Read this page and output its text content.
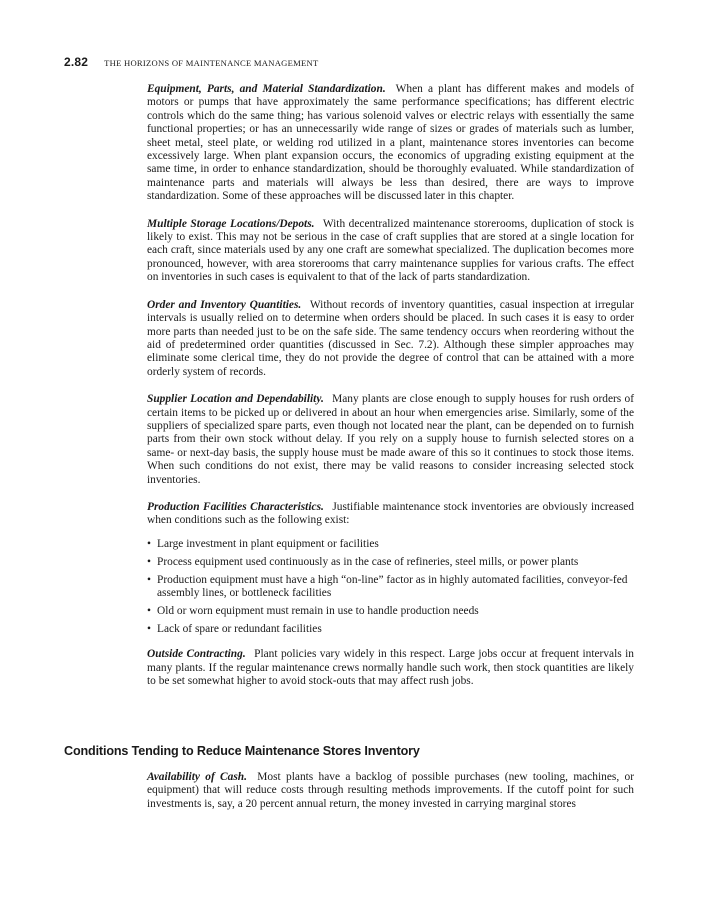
2.82 THE HORIZONS OF MAINTENANCE MANAGEMENT

Equipment, Parts, and Material Standardization. When a plant has different makes and models of motors or pumps that have approximately the same performance specifications; has different electric controls which do the same thing; has various solenoid valves or electric relays with essentially the same functional properties; or has an unnecessarily wide range of sizes or grades of materials such as lumber, sheet metal, steel plate, or welding rod utilized in a plant, maintenance stores inventories can become excessively large. When plant expansion occurs, the economics of upgrading existing equipment at the same time, in order to enhance standardization, should be thoroughly evaluated. While standardization of maintenance parts and materials will always be less than desired, there are ways to improve standardization. Some of these approaches will be discussed later in this chapter.

Multiple Storage Locations/Depots. With decentralized maintenance storerooms, duplication of stock is likely to exist. This may not be serious in the case of craft supplies that are stored at a single location for each craft, since materials used by any one craft are somewhat specialized. The duplication becomes more pronounced, however, with area storerooms that carry maintenance supplies for various crafts. The effect on inventories in such cases is equivalent to that of the lack of parts standardization.

Order and Inventory Quantities. Without records of inventory quantities, casual inspection at irregular intervals is usually relied on to determine when orders should be placed. In such cases it is easy to order more parts than needed just to be on the safe side. The same tendency occurs when reordering without the aid of predetermined order quantities (discussed in Sec. 7.2). Although these simpler approaches may eliminate some clerical time, they do not provide the degree of control that can be attained with a more orderly system of records.

Supplier Location and Dependability. Many plants are close enough to supply houses for rush orders of certain items to be picked up or delivered in about an hour when emergencies arise. Similarly, some of the suppliers of specialized spare parts, even though not located near the plant, can be depended on to furnish parts from their own stock without delay. If you rely on a supply house to furnish selected stores on a same- or next-day basis, the supply house must be made aware of this so it continues to stock those items. When such conditions do not exist, there may be valid reasons to consider increasing selected stock inventories.

Production Facilities Characteristics. Justifiable maintenance stock inventories are obviously increased when conditions such as the following exist:

• Large investment in plant equipment or facilities
• Process equipment used continuously as in the case of refineries, steel mills, or power plants
• Production equipment must have a high “on-line” factor as in highly automated facilities, conveyor-fed assembly lines, or bottleneck facilities
• Old or worn equipment must remain in use to handle production needs
• Lack of spare or redundant facilities

Outside Contracting. Plant policies vary widely in this respect. Large jobs occur at frequent intervals in many plants. If the regular maintenance crews normally handle such work, then stock quantities are likely to be set somewhat higher to avoid stock-outs that may affect rush jobs.

Conditions Tending to Reduce Maintenance Stores Inventory

Availability of Cash. Most plants have a backlog of possible purchases (new tooling, machines, or equipment) that will reduce costs through resulting methods improvements. If the cutoff point for such investments is, say, a 20 percent annual return, the money invested in carrying marginal stores
